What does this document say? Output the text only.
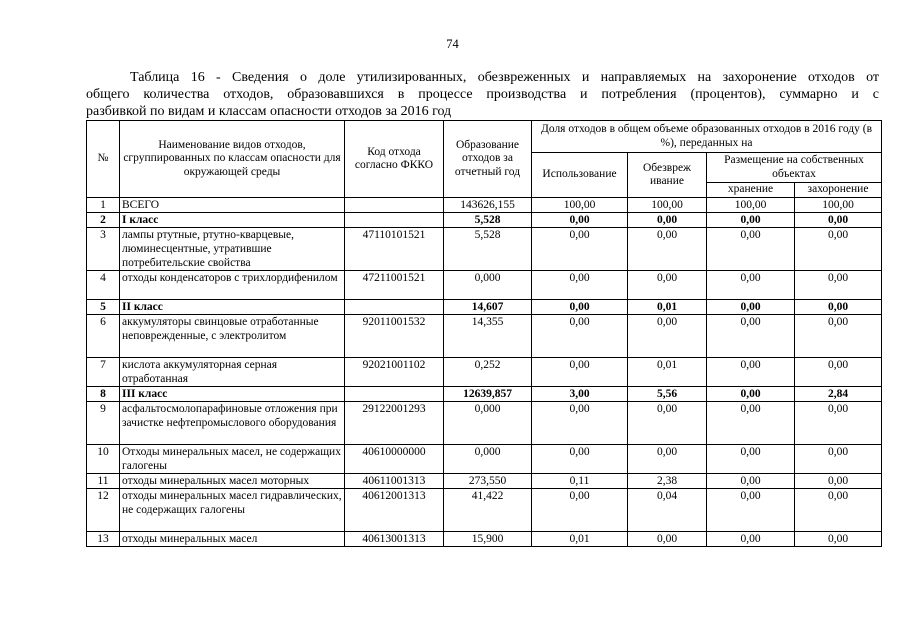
74
Таблица 16 - Сведения о доле утилизированных, обезвреженных и направляемых на захоронение отходов от
общего количества отходов, образовавшихся в процессе производства и потребления (процентов), суммарно и с
разбивкой по видам и классам опасности отходов за 2016 год
№	Наименование видов отходов, сгруппированных по классам опасности для окружающей среды	Код отхода согласно ФККО	Образование отходов за отчетный год	Доля отходов в общем объеме образованных отходов в 2016 году (в %), переданных на			
				Использование	Обезвреживание	Размещение на собственных объектах	
						хранение	захоронение
1	ВСЕГО		143626,155	100,00	100,00	100,00	100,00
2	I класс		5,528	0,00	0,00	0,00	0,00
3	лампы ртутные, ртутно-кварцевые, люминесцентные, утратившие потребительские свойства	47110101521	5,528	0,00	0,00	0,00	0,00
4	отходы конденсаторов с трихлордифенилом	47211001521	0,000	0,00	0,00	0,00	0,00
5	II класс		14,607	0,00	0,01	0,00	0,00
6	аккумуляторы свинцовые отработанные неповрежденные, с электролитом	92011001532	14,355	0,00	0,00	0,00	0,00
7	кислота аккумуляторная серная отработанная	92021001102	0,252	0,00	0,01	0,00	0,00
8	III класс		12639,857	3,00	5,56	0,00	2,84
9	асфальтосмолопарафиновые отложения при зачистке нефтепромыслового оборудования	29122001293	0,000	0,00	0,00	0,00	0,00
10	Отходы минеральных масел, не содержащих галогены	40610000000	0,000	0,00	0,00	0,00	0,00
11	отходы минеральных масел моторных	40611001313	273,550	0,11	2,38	0,00	0,00
12	отходы минеральных масел гидравлических, не содержащих галогены	40612001313	41,422	0,00	0,04	0,00	0,00
13	отходы минеральных масел	40613001313	15,900	0,01	0,00	0,00	0,00
